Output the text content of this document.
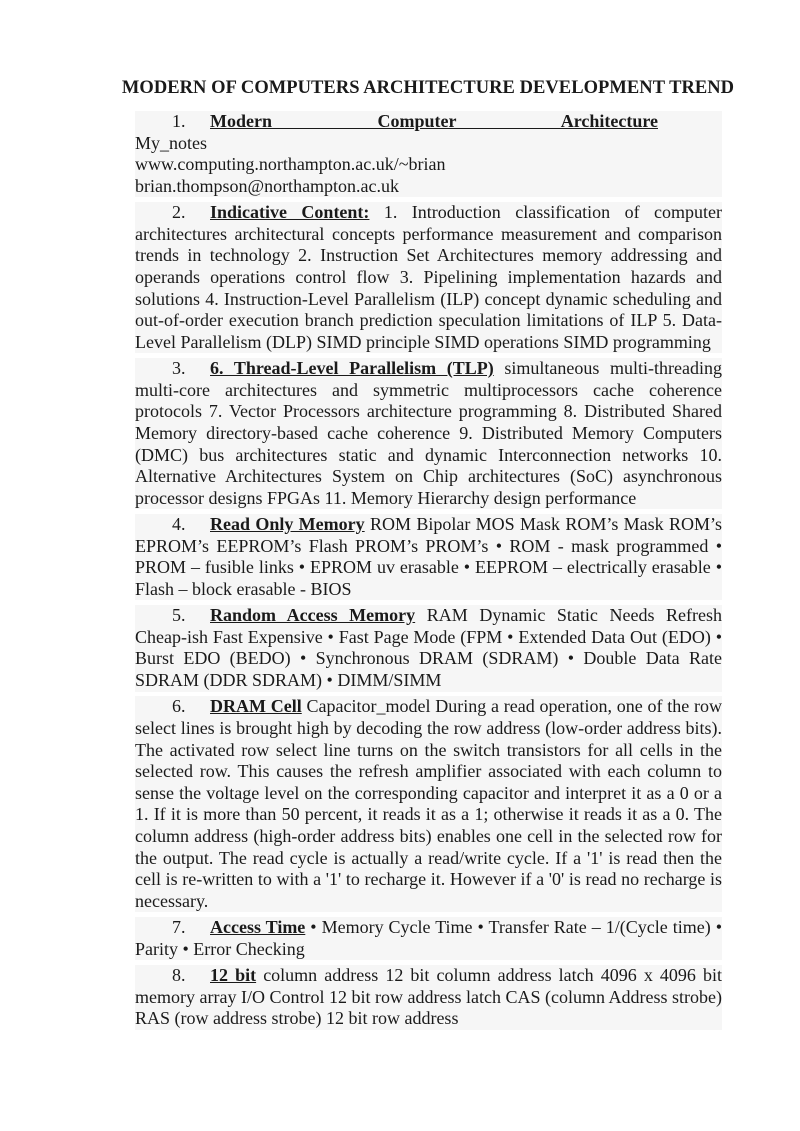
MODERN OF COMPUTERS ARCHITECTURE DEVELOPMENT TREND

1. Modern Computer ArchitectureMy_notes
www.computing.northampton.ac.uk/~brian
brian.thompson@northampton.ac.uk

2. Indicative Content: 1. Introduction classification of computer architectures architectural concepts performance measurement and comparison trends in technology 2. Instruction Set Architectures memory addressing and operands operations control flow 3. Pipelining implementation hazards and solutions 4. Instruction-Level Parallelism (ILP) concept dynamic scheduling and out-of-order execution branch prediction speculation limitations of ILP 5. Data-Level Parallelism (DLP) SIMD principle SIMD operations SIMD programming

3. 6. Thread-Level Parallelism (TLP) simultaneous multi-threading multi-core architectures and symmetric multiprocessors cache coherence protocols 7. Vector Processors architecture programming 8. Distributed Shared Memory directory-based cache coherence 9. Distributed Memory Computers (DMC) bus architectures static and dynamic Interconnection networks 10. Alternative Architectures System on Chip architectures (SoC) asynchronous processor designs FPGAs 11. Memory Hierarchy design performance

4. Read Only Memory ROM Bipolar MOS Mask ROM’s Mask ROM’s EPROM’s EEPROM’s Flash PROM’s PROM’s • ROM - mask programmed • PROM – fusible links • EPROM uv erasable • EEPROM – electrically erasable • Flash – block erasable - BIOS

5. Random Access Memory RAM Dynamic Static Needs Refresh Cheap-ish Fast Expensive • Fast Page Mode (FPM • Extended Data Out (EDO) • Burst EDO (BEDO) • Synchronous DRAM (SDRAM) • Double Data Rate SDRAM (DDR SDRAM) • DIMM/SIMM

6. DRAM Cell Capacitor_model During a read operation, one of the row select lines is brought high by decoding the row address (low-order address bits). The activated row select line turns on the switch transistors for all cells in the selected row. This causes the refresh amplifier associated with each column to sense the voltage level on the corresponding capacitor and interpret it as a 0 or a 1. If it is more than 50 percent, it reads it as a 1; otherwise it reads it as a 0. The column address (high-order address bits) enables one cell in the selected row for the output. The read cycle is actually a read/write cycle. If a '1' is read then the cell is re-written to with a '1' to recharge it. However if a '0' is read no recharge is necessary.

7. Access Time • Memory Cycle Time • Transfer Rate – 1/(Cycle time) • Parity • Error Checking

8. 12 bit column address 12 bit column address latch 4096 x 4096 bit memory array I/O Control 12 bit row address latch CAS (column Address strobe) RAS (row address strobe) 12 bit row address
